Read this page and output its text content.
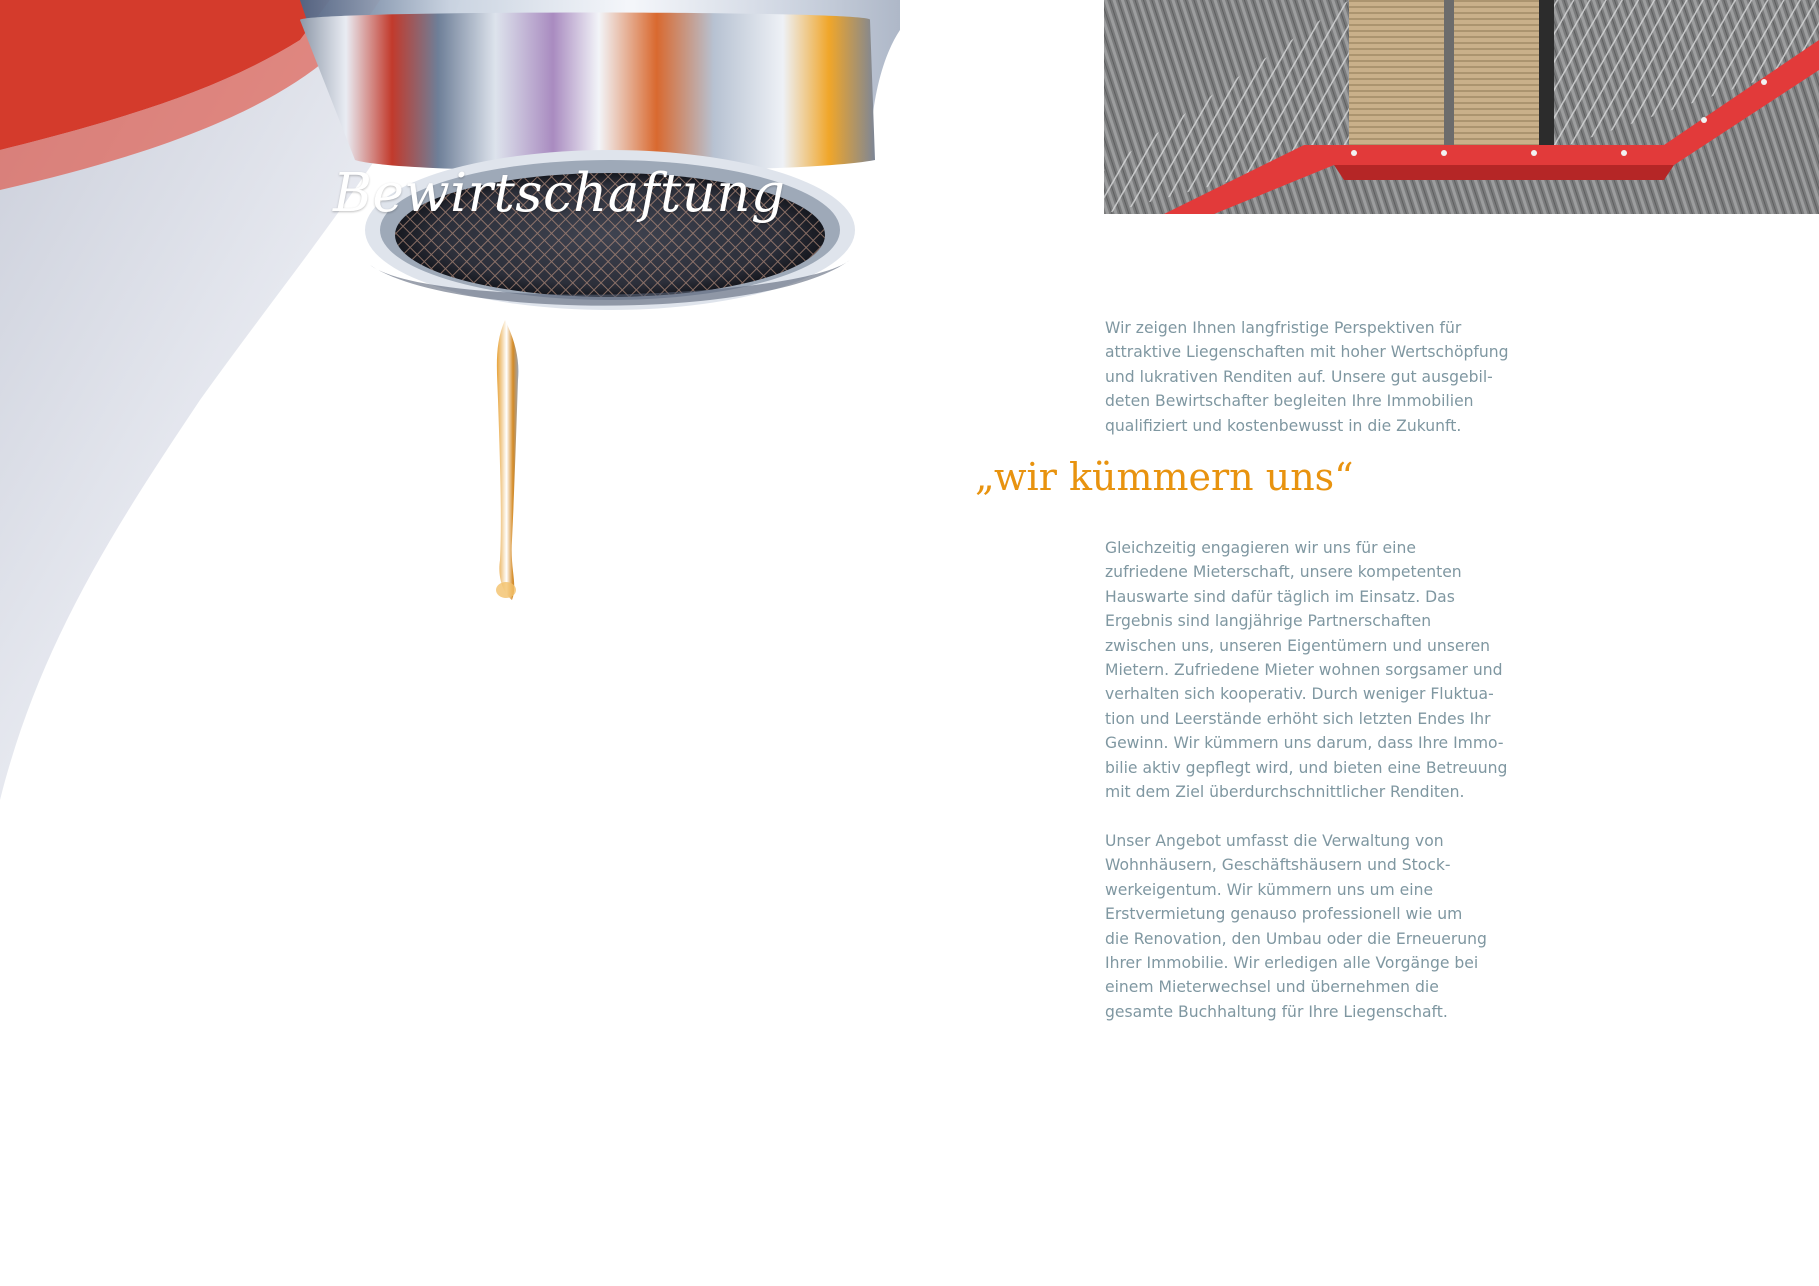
Bewirtschaftung
Wir zeigen Ihnen langfristige Perspektiven für
attraktive Liegenschaften mit hoher Wertschöpfung
und lukrativen Renditen auf. Unsere gut ausgebil-
deten Bewirtschafter begleiten Ihre Immobilien
qualifiziert und kostenbewusst in die Zukunft.
„wir kümmern uns“
Gleichzeitig engagieren wir uns für eine
zufriedene Mieterschaft, unsere kompetenten
Hauswarte sind dafür täglich im Einsatz. Das
Ergebnis sind langjährige Partnerschaften
zwischen uns, unseren Eigentümern und unseren
Mietern. Zufriedene Mieter wohnen sorgsamer und
verhalten sich kooperativ. Durch weniger Fluktua-
tion und Leerstände erhöht sich letzten Endes Ihr
Gewinn. Wir kümmern uns darum, dass Ihre Immo-
bilie aktiv gepflegt wird, und bieten eine Betreuung
mit dem Ziel überdurchschnittlicher Renditen.
Unser Angebot umfasst die Verwaltung von
Wohnhäusern, Geschäftshäusern und Stock-
werkeigentum. Wir kümmern uns um eine
Erstvermietung genauso professionell wie um
die Renovation, den Umbau oder die Erneuerung
Ihrer Immobilie. Wir erledigen alle Vorgänge bei
einem Mieterwechsel und übernehmen die
gesamte Buchhaltung für Ihre Liegenschaft.
